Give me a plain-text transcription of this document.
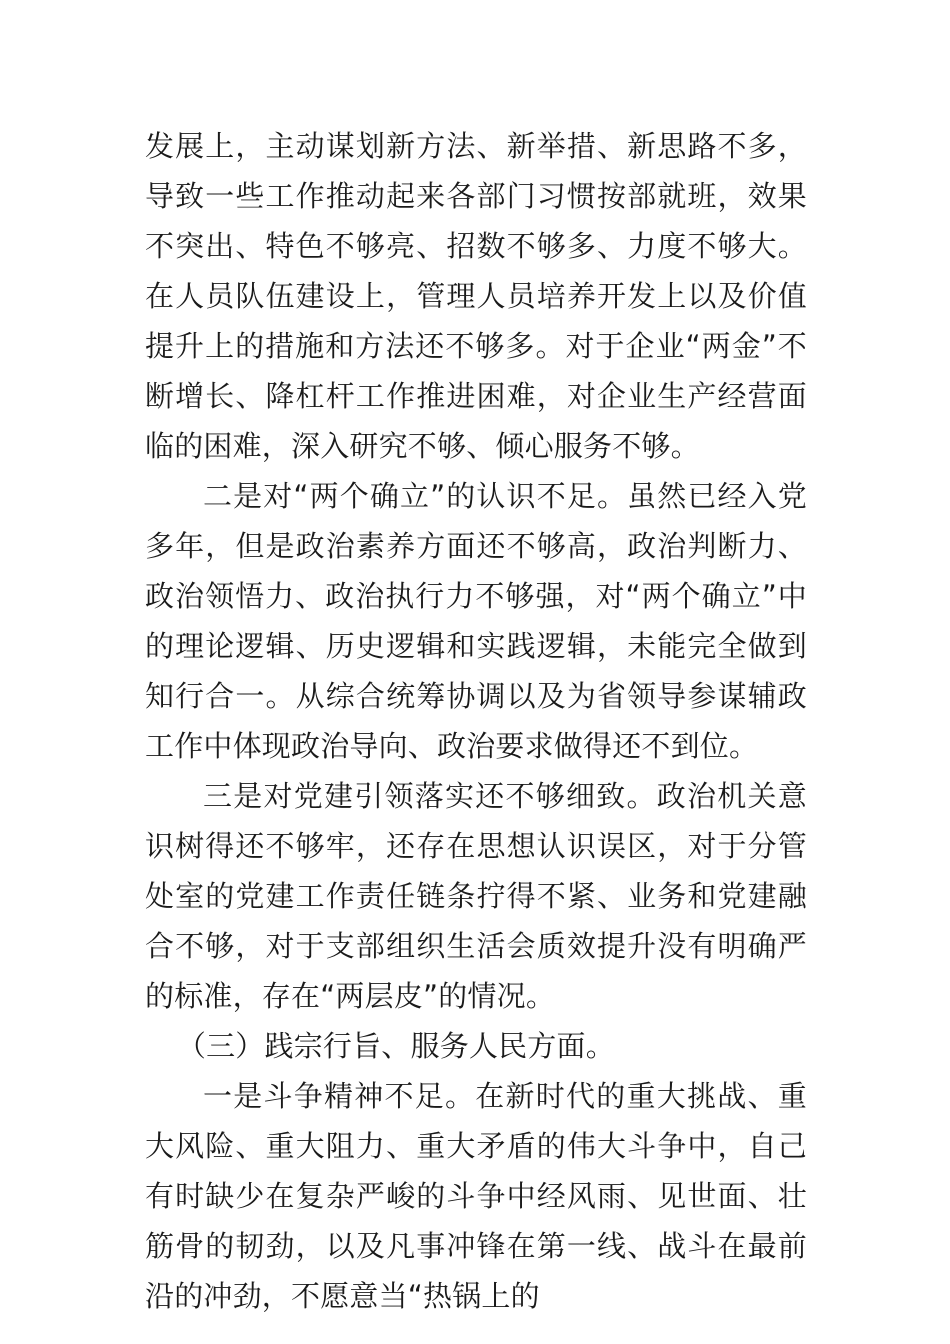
发展上，主动谋划新方法、新举措、新思路不多，导致一些工作推动起来各部门习惯按部就班，效果不突出、特色不够亮、招数不够多、力度不够大。在人员队伍建设上，管理人员培养开发上以及价值提升上的措施和方法还不够多。对于企业“两金”不断增长、降杠杆工作推进困难，对企业生产经营面临的困难，深入研究不够、倾心服务不够。

二是对“两个确立”的认识不足。虽然已经入党多年，但是政治素养方面还不够高，政治判断力、政治领悟力、政治执行力不够强，对“两个确立”中的理论逻辑、历史逻辑和实践逻辑，未能完全做到知行合一。从综合统筹协调以及为省领导参谋辅政工作中体现政治导向、政治要求做得还不到位。

三是对党建引领落实还不够细致。政治机关意识树得还不够牢，还存在思想认识误区，对于分管处室的党建工作责任链条拧得不紧、业务和党建融合不够，对于支部组织生活会质效提升没有明确严的标准，存在“两层皮”的情况。

（三）践宗行旨、服务人民方面。

一是斗争精神不足。在新时代的重大挑战、重大风险、重大阻力、重大矛盾的伟大斗争中，自己有时缺少在复杂严峻的斗争中经风雨、见世面、壮筋骨的韧劲，以及凡事冲锋在第一线、战斗在最前沿的冲劲，不愿意当“热锅上的
